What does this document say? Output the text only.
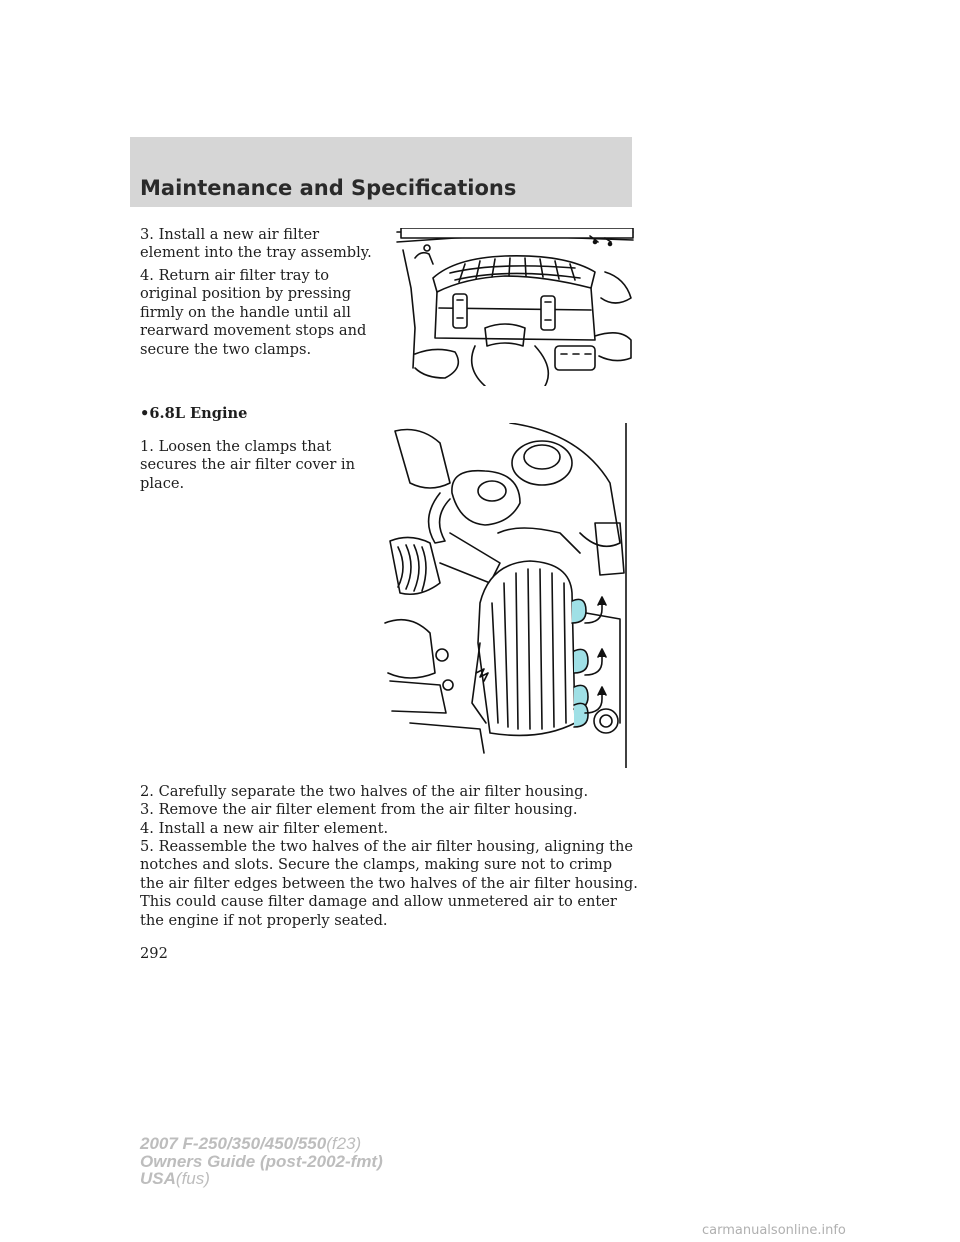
Maintenance and Specifications

3. Install a new air filter element into the tray assembly.

4. Return air filter tray to original position by pressing firmly on the handle until all rearward movement stops and secure the two clamps.

•6.8L Engine

1. Loosen the clamps that secures the air filter cover in place.

2. Carefully separate the two halves of the air filter housing.

3. Remove the air filter element from the air filter housing.

4. Install a new air filter element.

5. Reassemble the two halves of the air filter housing, aligning the notches and slots. Secure the clamps, making sure not to crimp the air filter edges between the two halves of the air filter housing. This could cause filter damage and allow unmetered air to enter the engine if not properly seated.

292
2007 F-250/350/450/550(f23)
Owners Guide (post-2002-fmt)
USA(fus)
carmanualsonline.info
